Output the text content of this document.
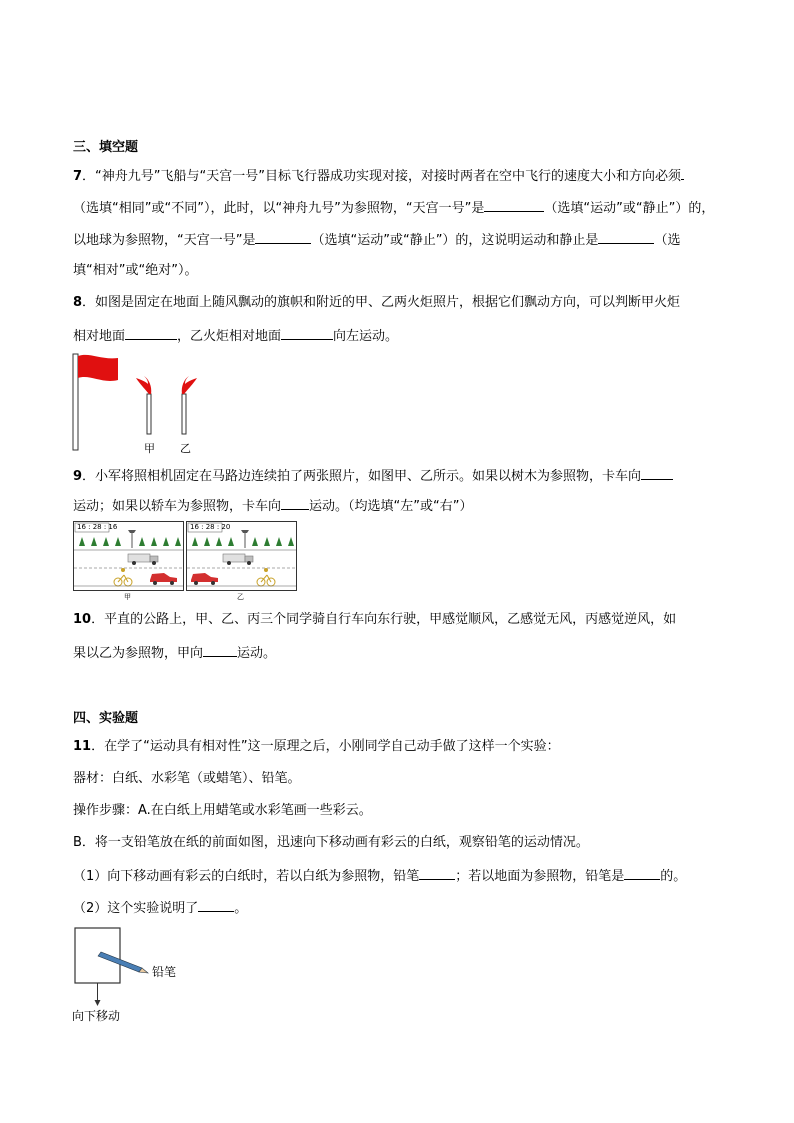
三、填空题
7．“神舟九号”飞船与“天宫一号”目标飞行器成功实现对接，对接时两者在空中飞行的速度大小和方向必须
（选填“相同”或“不同”），此时，以“神舟九号”为参照物，“天宫一号”是	（选填“运动”或“静止”）的，
以地球为参照物，“天宫一号”是	（选填“运动”或“静止”）的，这说明运动和静止是	（选
填“相对”或“绝对”）。
8．如图是固定在地面上随风飘动的旗帜和附近的甲、乙两火炬照片，根据它们飘动方向，可以判断甲火炬
相对地面	，乙火炬相对地面	向左运动。
甲 乙
9．小军将照相机固定在马路边连续拍了两张照片，如图甲、乙所示。如果以树木为参照物，卡车向
运动；如果以轿车为参照物，卡车向 运动。（均选填“左”或“右”）
16 : 28 : 16	16 : 28 : 20
甲	乙
10．平直的公路上，甲、乙、丙三个同学骑自行车向东行驶，甲感觉顺风，乙感觉无风，丙感觉逆风，如
果以乙为参照物，甲向	运动。
四、实验题
11．在学了“运动具有相对性”这一原理之后，小刚同学自己动手做了这样一个实验：
器材：白纸、水彩笔（或蜡笔）、铅笔。
操作步骤：A.在白纸上用蜡笔或水彩笔画一些彩云。
B．将一支铅笔放在纸的前面如图，迅速向下移动画有彩云的白纸，观察铅笔的运动情况。
（1）向下移动画有彩云的白纸时，若以白纸为参照物，铅笔	；若以地面为参照物，铅笔是	的。
（2）这个实验说明了	。
铅笔
向下移动
